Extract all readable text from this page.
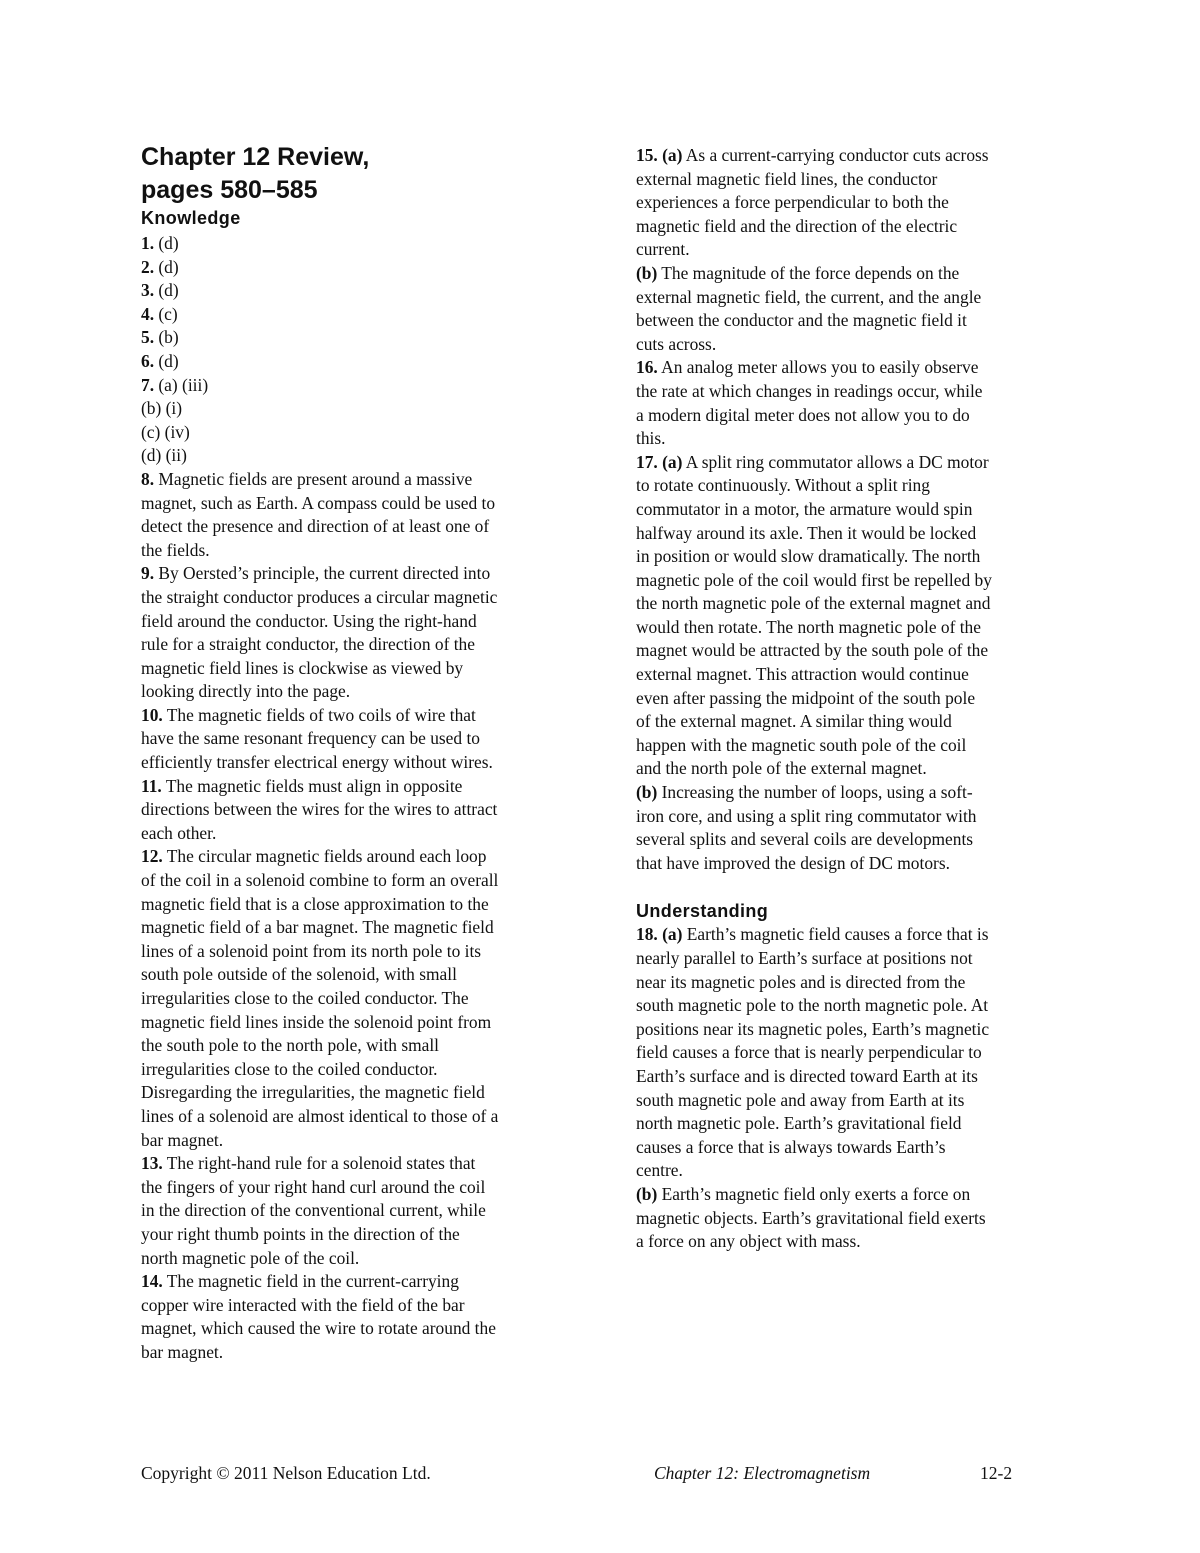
Chapter 12 Review,
pages 580–585
Knowledge
1. (d)
2. (d)
3. (d)
4. (c)
5. (b)
6. (d)
7. (a) (iii)
(b) (i)
(c) (iv)
(d) (ii)
8. Magnetic fields are present around a massive
magnet, such as Earth. A compass could be used to
detect the presence and direction of at least one of
the fields.
9. By Oersted’s principle, the current directed into
the straight conductor produces a circular magnetic
field around the conductor. Using the right-hand
rule for a straight conductor, the direction of the
magnetic field lines is clockwise as viewed by
looking directly into the page.
10. The magnetic fields of two coils of wire that
have the same resonant frequency can be used to
efficiently transfer electrical energy without wires.
11. The magnetic fields must align in opposite
directions between the wires for the wires to attract
each other.
12. The circular magnetic fields around each loop
of the coil in a solenoid combine to form an overall
magnetic field that is a close approximation to the
magnetic field of a bar magnet. The magnetic field
lines of a solenoid point from its north pole to its
south pole outside of the solenoid, with small
irregularities close to the coiled conductor. The
magnetic field lines inside the solenoid point from
the south pole to the north pole, with small
irregularities close to the coiled conductor.
Disregarding the irregularities, the magnetic field
lines of a solenoid are almost identical to those of a
bar magnet.
13. The right-hand rule for a solenoid states that
the fingers of your right hand curl around the coil
in the direction of the conventional current, while
your right thumb points in the direction of the
north magnetic pole of the coil.
14. The magnetic field in the current-carrying
copper wire interacted with the field of the bar
magnet, which caused the wire to rotate around the
bar magnet.
15. (a) As a current-carrying conductor cuts across
external magnetic field lines, the conductor
experiences a force perpendicular to both the
magnetic field and the direction of the electric
current.
(b) The magnitude of the force depends on the
external magnetic field, the current, and the angle
between the conductor and the magnetic field it
cuts across.
16. An analog meter allows you to easily observe
the rate at which changes in readings occur, while
a modern digital meter does not allow you to do
this.
17. (a) A split ring commutator allows a DC motor
to rotate continuously. Without a split ring
commutator in a motor, the armature would spin
halfway around its axle. Then it would be locked
in position or would slow dramatically. The north
magnetic pole of the coil would first be repelled by
the north magnetic pole of the external magnet and
would then rotate. The north magnetic pole of the
magnet would be attracted by the south pole of the
external magnet. This attraction would continue
even after passing the midpoint of the south pole
of the external magnet. A similar thing would
happen with the magnetic south pole of the coil
and the north pole of the external magnet.
(b) Increasing the number of loops, using a soft-
iron core, and using a split ring commutator with
several splits and several coils are developments
that have improved the design of DC motors.
Understanding
18. (a) Earth’s magnetic field causes a force that is
nearly parallel to Earth’s surface at positions not
near its magnetic poles and is directed from the
south magnetic pole to the north magnetic pole. At
positions near its magnetic poles, Earth’s magnetic
field causes a force that is nearly perpendicular to
Earth’s surface and is directed toward Earth at its
south magnetic pole and away from Earth at its
north magnetic pole. Earth’s gravitational field
causes a force that is always towards Earth’s
centre.
(b) Earth’s magnetic field only exerts a force on
magnetic objects. Earth’s gravitational field exerts
a force on any object with mass.
Copyright © 2011 Nelson Education Ltd.	Chapter 12: Electromagnetism	12-2
